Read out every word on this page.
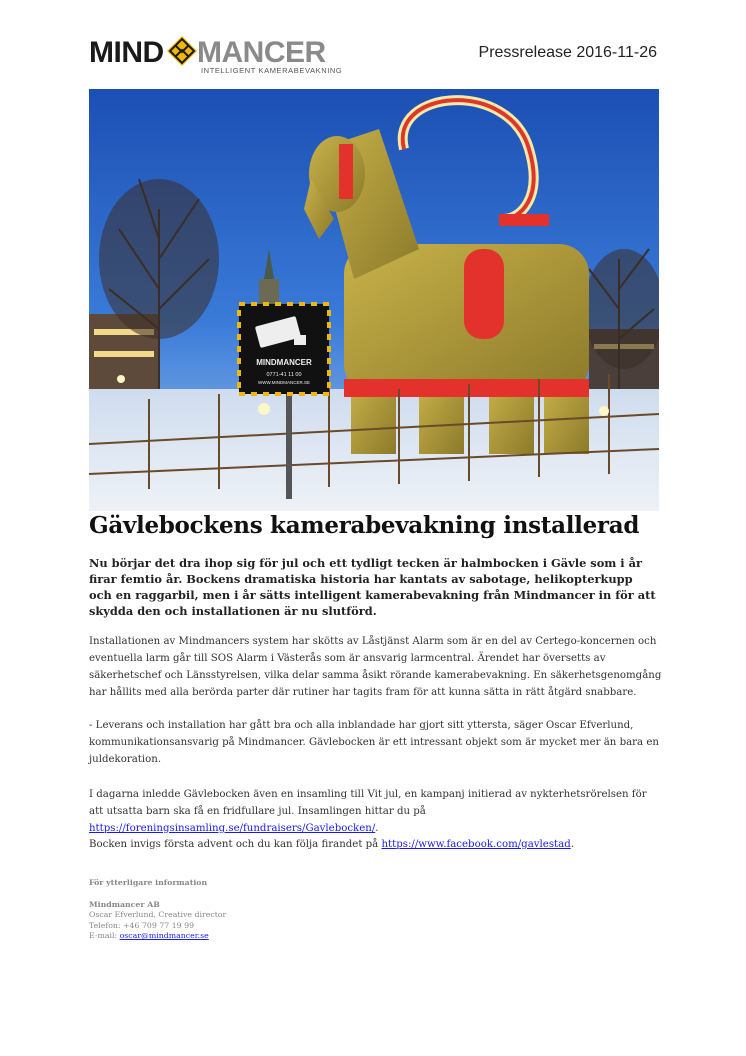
MIND MANCER
INTELLIGENT KAMERABEVAKNING
Pressrelease 2016-11-26
MINDMANCER
0771-41 11 00
WWW.MINDMANCER.SE
Gävlebockens kamerabevakning installerad

Nu börjar det dra ihop sig för jul och ett tydligt tecken är halmbocken i Gävle som i år firar femtio år. Bockens dramatiska historia har kantats av sabotage, helikopterkupp och en raggarbil, men i år sätts intelligent kamerabevakning från Mindmancer in för att skydda den och installationen är nu slutförd.

Installationen av Mindmancers system har skötts av Låstjänst Alarm som är en del av Certego-koncernen och eventuella larm går till SOS Alarm i Västerås som är ansvarig larmcentral. Ärendet har översetts av säkerhetschef och Länsstyrelsen, vilka delar samma åsikt rörande kamerabevakning. En säkerhetsgenomgång har hållits med alla berörda parter där rutiner har tagits fram för att kunna sätta in rätt åtgärd snabbare.

- Leverans och installation har gått bra och alla inblandade har gjort sitt yttersta, säger Oscar Efverlund, kommunikationsansvarig på Mindmancer. Gävlebocken är ett intressant objekt som är mycket mer än bara en juldekoration.

I dagarna inledde Gävlebocken även en insamling till Vit jul, en kampanj initierad av nykterhetsrörelsen för att utsatta barn ska få en fridfullare jul. Insamlingen hittar du på https://foreningsinsamling.se/fundraisers/Gavlebocken/.

Bocken invigs första advent och du kan följa firandet på https://www.facebook.com/gavlestad.

För ytterligare information
Mindmancer AB
Oscar Efverlund, Creative director
Telefon: +46 709 77 19 99
E-mail: oscar@mindmancer.se
